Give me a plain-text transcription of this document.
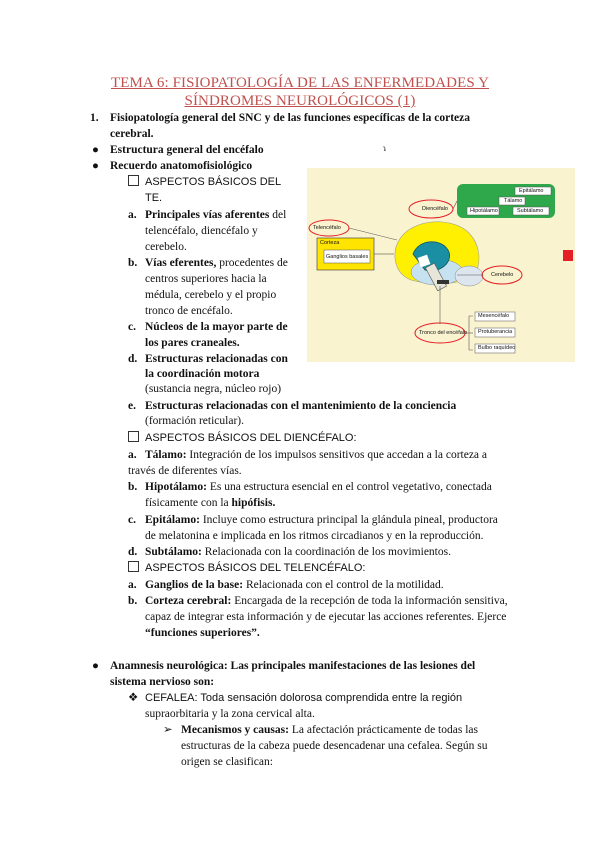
TEMA 6: FISIOPATOLOGÍA DE LAS ENFERMEDADES Y
SÍNDROMES NEUROLÓGICOS (1)
1. Fisiopatología general del SNC y de las funciones específicas de la corteza
cerebral.
● Estructura general del encéfalo	ɿ
● Recuerdo anatomofisiológico
ASPECTOS BÁSICOS DEL
TE.
a. Principales vías aferentes del
telencéfalo, diencéfalo y
cerebelo.
b. Vías eferentes, procedentes de
centros superiores hacia la
médula, cerebelo y el propio
tronco de encéfalo.
c. Núcleos de la mayor parte de
los pares craneales.
d. Estructuras relacionadas con
la coordinación motora
(sustancia negra, núcleo rojo)
e. Estructuras relacionadas con el mantenimiento de la conciencia
(formación reticular).
ASPECTOS BÁSICOS DEL DIENCÉFALO:
a. Tálamo: Integración de los impulsos sensitivos que accedan a la corteza a
través de diferentes vías.
b. Hipotálamo: Es una estructura esencial en el control vegetativo, conectada
físicamente con la hipófisis.
c. Epitálamo: Incluye como estructura principal la glándula pineal, productora
de melatonina e implicada en los ritmos circadianos y en la reproducción.
d. Subtálamo: Relacionada con la coordinación de los movimientos.
ASPECTOS BÁSICOS DEL TELENCÉFALO:
a. Ganglios de la base: Relacionada con el control de la motilidad.
b. Corteza cerebral: Encargada de la recepción de toda la información sensitiva,
capaz de integrar esta información y de ejecutar las acciones referentes. Ejerce
“funciones superiores”.
● Anamnesis neurológica: Las principales manifestaciones de las lesiones del
sistema nervioso son:
❖ CEFALEA: Toda sensación dolorosa comprendida entre la región
supraorbitaria y la zona cervical alta.
➢ Mecanismos y causas: La afectación prácticamente de todas las
estructuras de la cabeza puede desencadenar una cefalea. Según su
origen se clasifican:
Diencéfalo
Telencéfalo
Corteza
Ganglios basales
Epitálamo
Tálamo
Hipotálamo	Subtálamo
Cerebelo
Tronco del encéfalo
Mesencéfalo
Protuberancia
Bulbo raquídeo
